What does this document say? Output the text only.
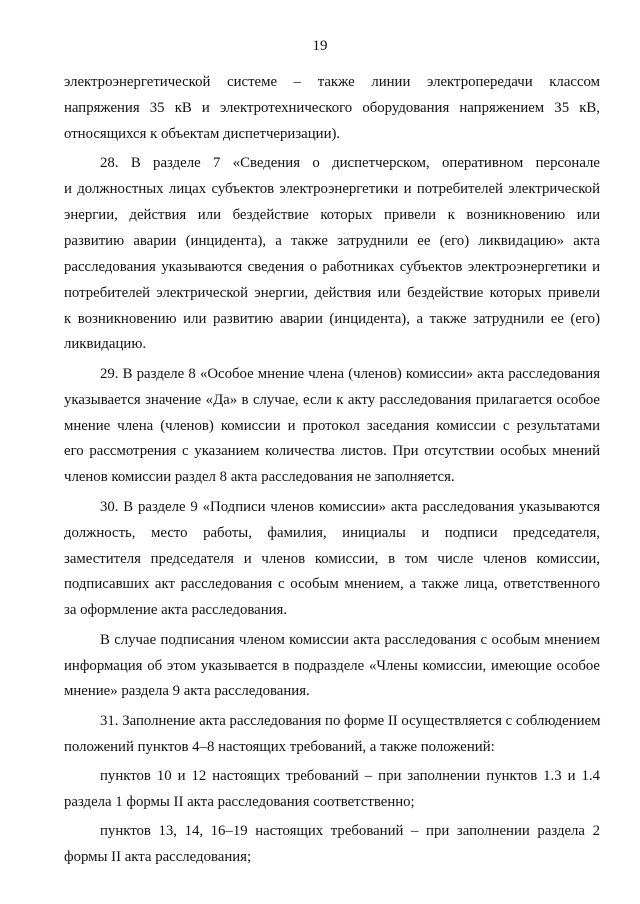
19
электроэнергетической системе – также линии электропередачи классом
напряжения 35 кВ и электротехнического оборудования напряжением 35 кВ,
относящихся к объектам диспетчеризации).
28. В разделе 7 «Сведения о диспетчерском, оперативном персонале
и должностных лицах субъектов электроэнергетики и потребителей электрической
энергии, действия или бездействие которых привели к возникновению или
развитию аварии (инцидента), а также затруднили ее (его) ликвидацию» акта
расследования указываются сведения о работниках субъектов электроэнергетики и
потребителей электрической энергии, действия или бездействие которых привели
к возникновению или развитию аварии (инцидента), а также затруднили ее (его)
ликвидацию.
29. В разделе 8 «Особое мнение члена (членов) комиссии» акта расследования
указывается значение «Да» в случае, если к акту расследования прилагается особое
мнение члена (членов) комиссии и протокол заседания комиссии с результатами
его рассмотрения с указанием количества листов. При отсутствии особых мнений
членов комиссии раздел 8 акта расследования не заполняется.
30. В разделе 9 «Подписи членов комиссии» акта расследования указываются
должность, место работы, фамилия, инициалы и подписи председателя,
заместителя председателя и членов комиссии, в том числе членов комиссии,
подписавших акт расследования с особым мнением, а также лица, ответственного
за оформление акта расследования.
В случае подписания членом комиссии акта расследования с особым мнением
информация об этом указывается в подразделе «Члены комиссии, имеющие особое
мнение» раздела 9 акта расследования.
31. Заполнение акта расследования по форме II осуществляется с соблюдением
положений пунктов 4–8 настоящих требований, а также положений:
пунктов 10 и 12 настоящих требований – при заполнении пунктов 1.3 и 1.4
раздела 1 формы II акта расследования соответственно;
пунктов 13, 14, 16–19 настоящих требований – при заполнении раздела 2
формы II акта расследования;
